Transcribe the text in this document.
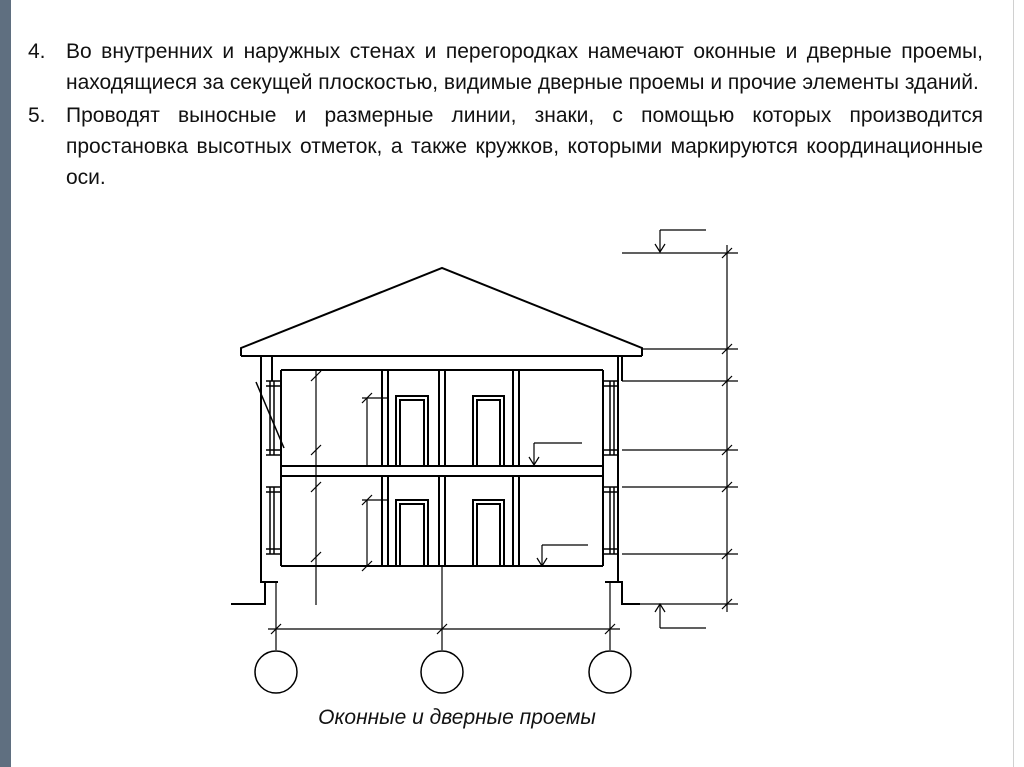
4. Во внутренних и наружных стенах и перегородках намечают оконные и дверные проемы, находящиеся за секущей плоскостью, видимые дверные проемы и прочие элементы зданий.
5. Проводят выносные и размерные линии, знаки, с помощью которых производится простановка высотных отметок, а также кружков, которыми маркируются координационные оси.
Оконные и дверные проемы
